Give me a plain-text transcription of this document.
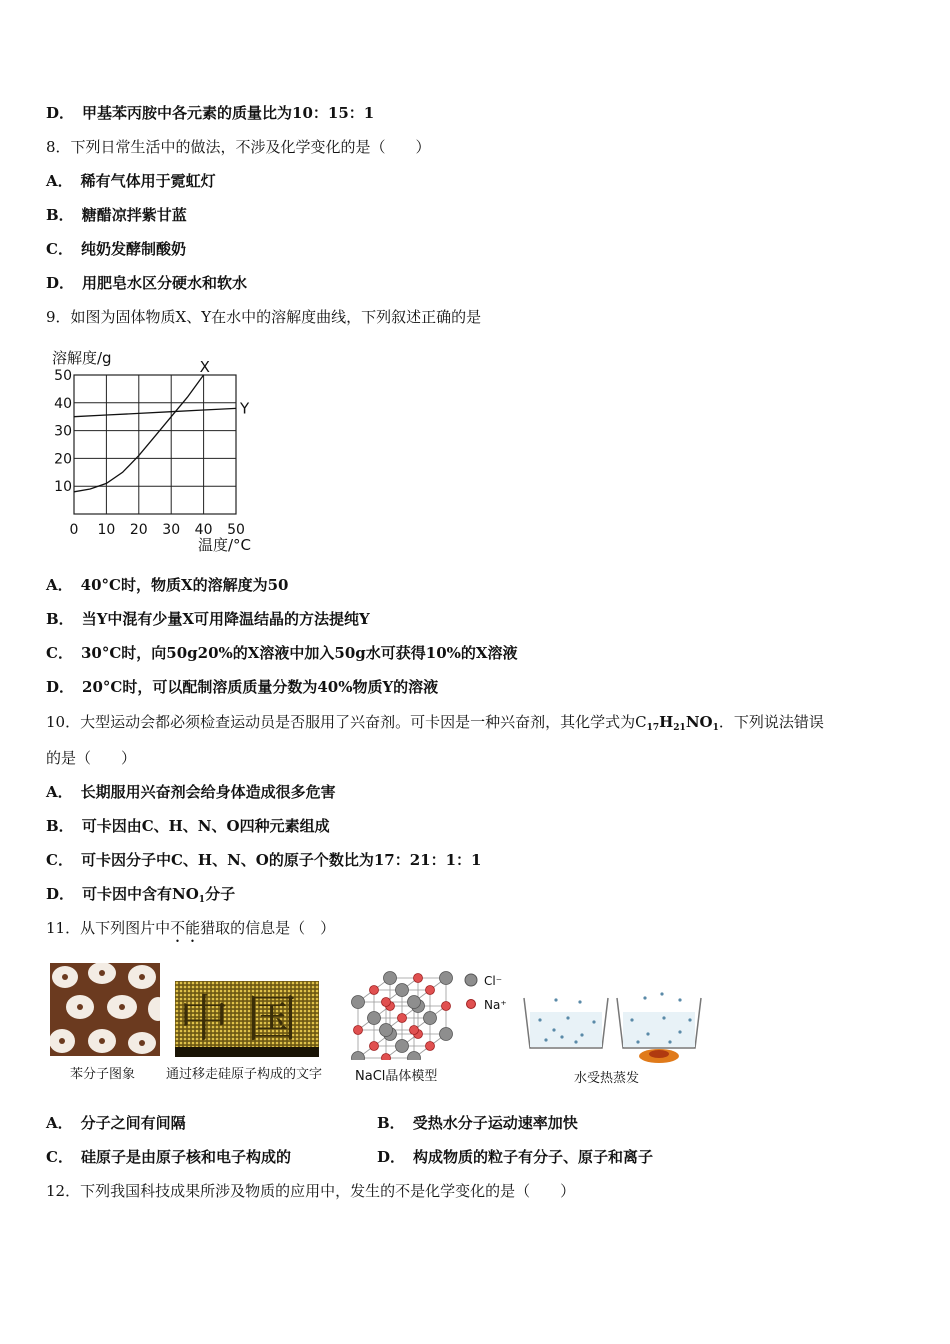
D． 甲基苯丙胺中各元素的质量比为10：15：1
8．下列日常生活中的做法，不涉及化学变化的是（　　）
A． 稀有气体用于霓虹灯
B． 糖醋凉拌紫甘蓝
C． 纯奶发酵制酸奶
D． 用肥皂水区分硬水和软水
9．如图为固体物质X、Y在水中的溶解度曲线，下列叙述正确的是
溶解度/g
0 10 20 30 40 50
10
20
30
40
50	X
Y
温度/°C
A． 40°C时，物质X的溶解度为50
B． 当Y中混有少量X可用降温结晶的方法提纯Y
C． 30°C时，向50g20%的X溶液中加入50g水可获得10%的X溶液
D． 20°C时，可以配制溶质质量分数为40%物质Y的溶液
10．大型运动会都必须检查运动员是否服用了兴奋剂。可卡因是一种兴奋剂，其化学式为$C_{17}H_{21}NO_1$．下列说法错误
的是（　　）
A． 长期服用兴奋剂会给身体造成很多危害
B． 可卡因由C、H、N、O四种元素组成
C． 可卡因分子中C、H、N、O的原子个数比为17：21：1：1
D． 可卡因中含有$NO_1$分子
11．从下列图片中不能猎取的信息是（　）
苯分子图象
中国
通过移走硅原子构成的文字
Cl⁻
Na⁺
NaCl晶体模型	水受热蒸发
A． 分子之间有间隔	B． 受热水分子运动速率加快
C． 硅原子是由原子核和电子构成的	D． 构成物质的粒子有分子、原子和离子
12．下列我国科技成果所涉及物质的应用中，发生的不是化学变化的是（　　）
